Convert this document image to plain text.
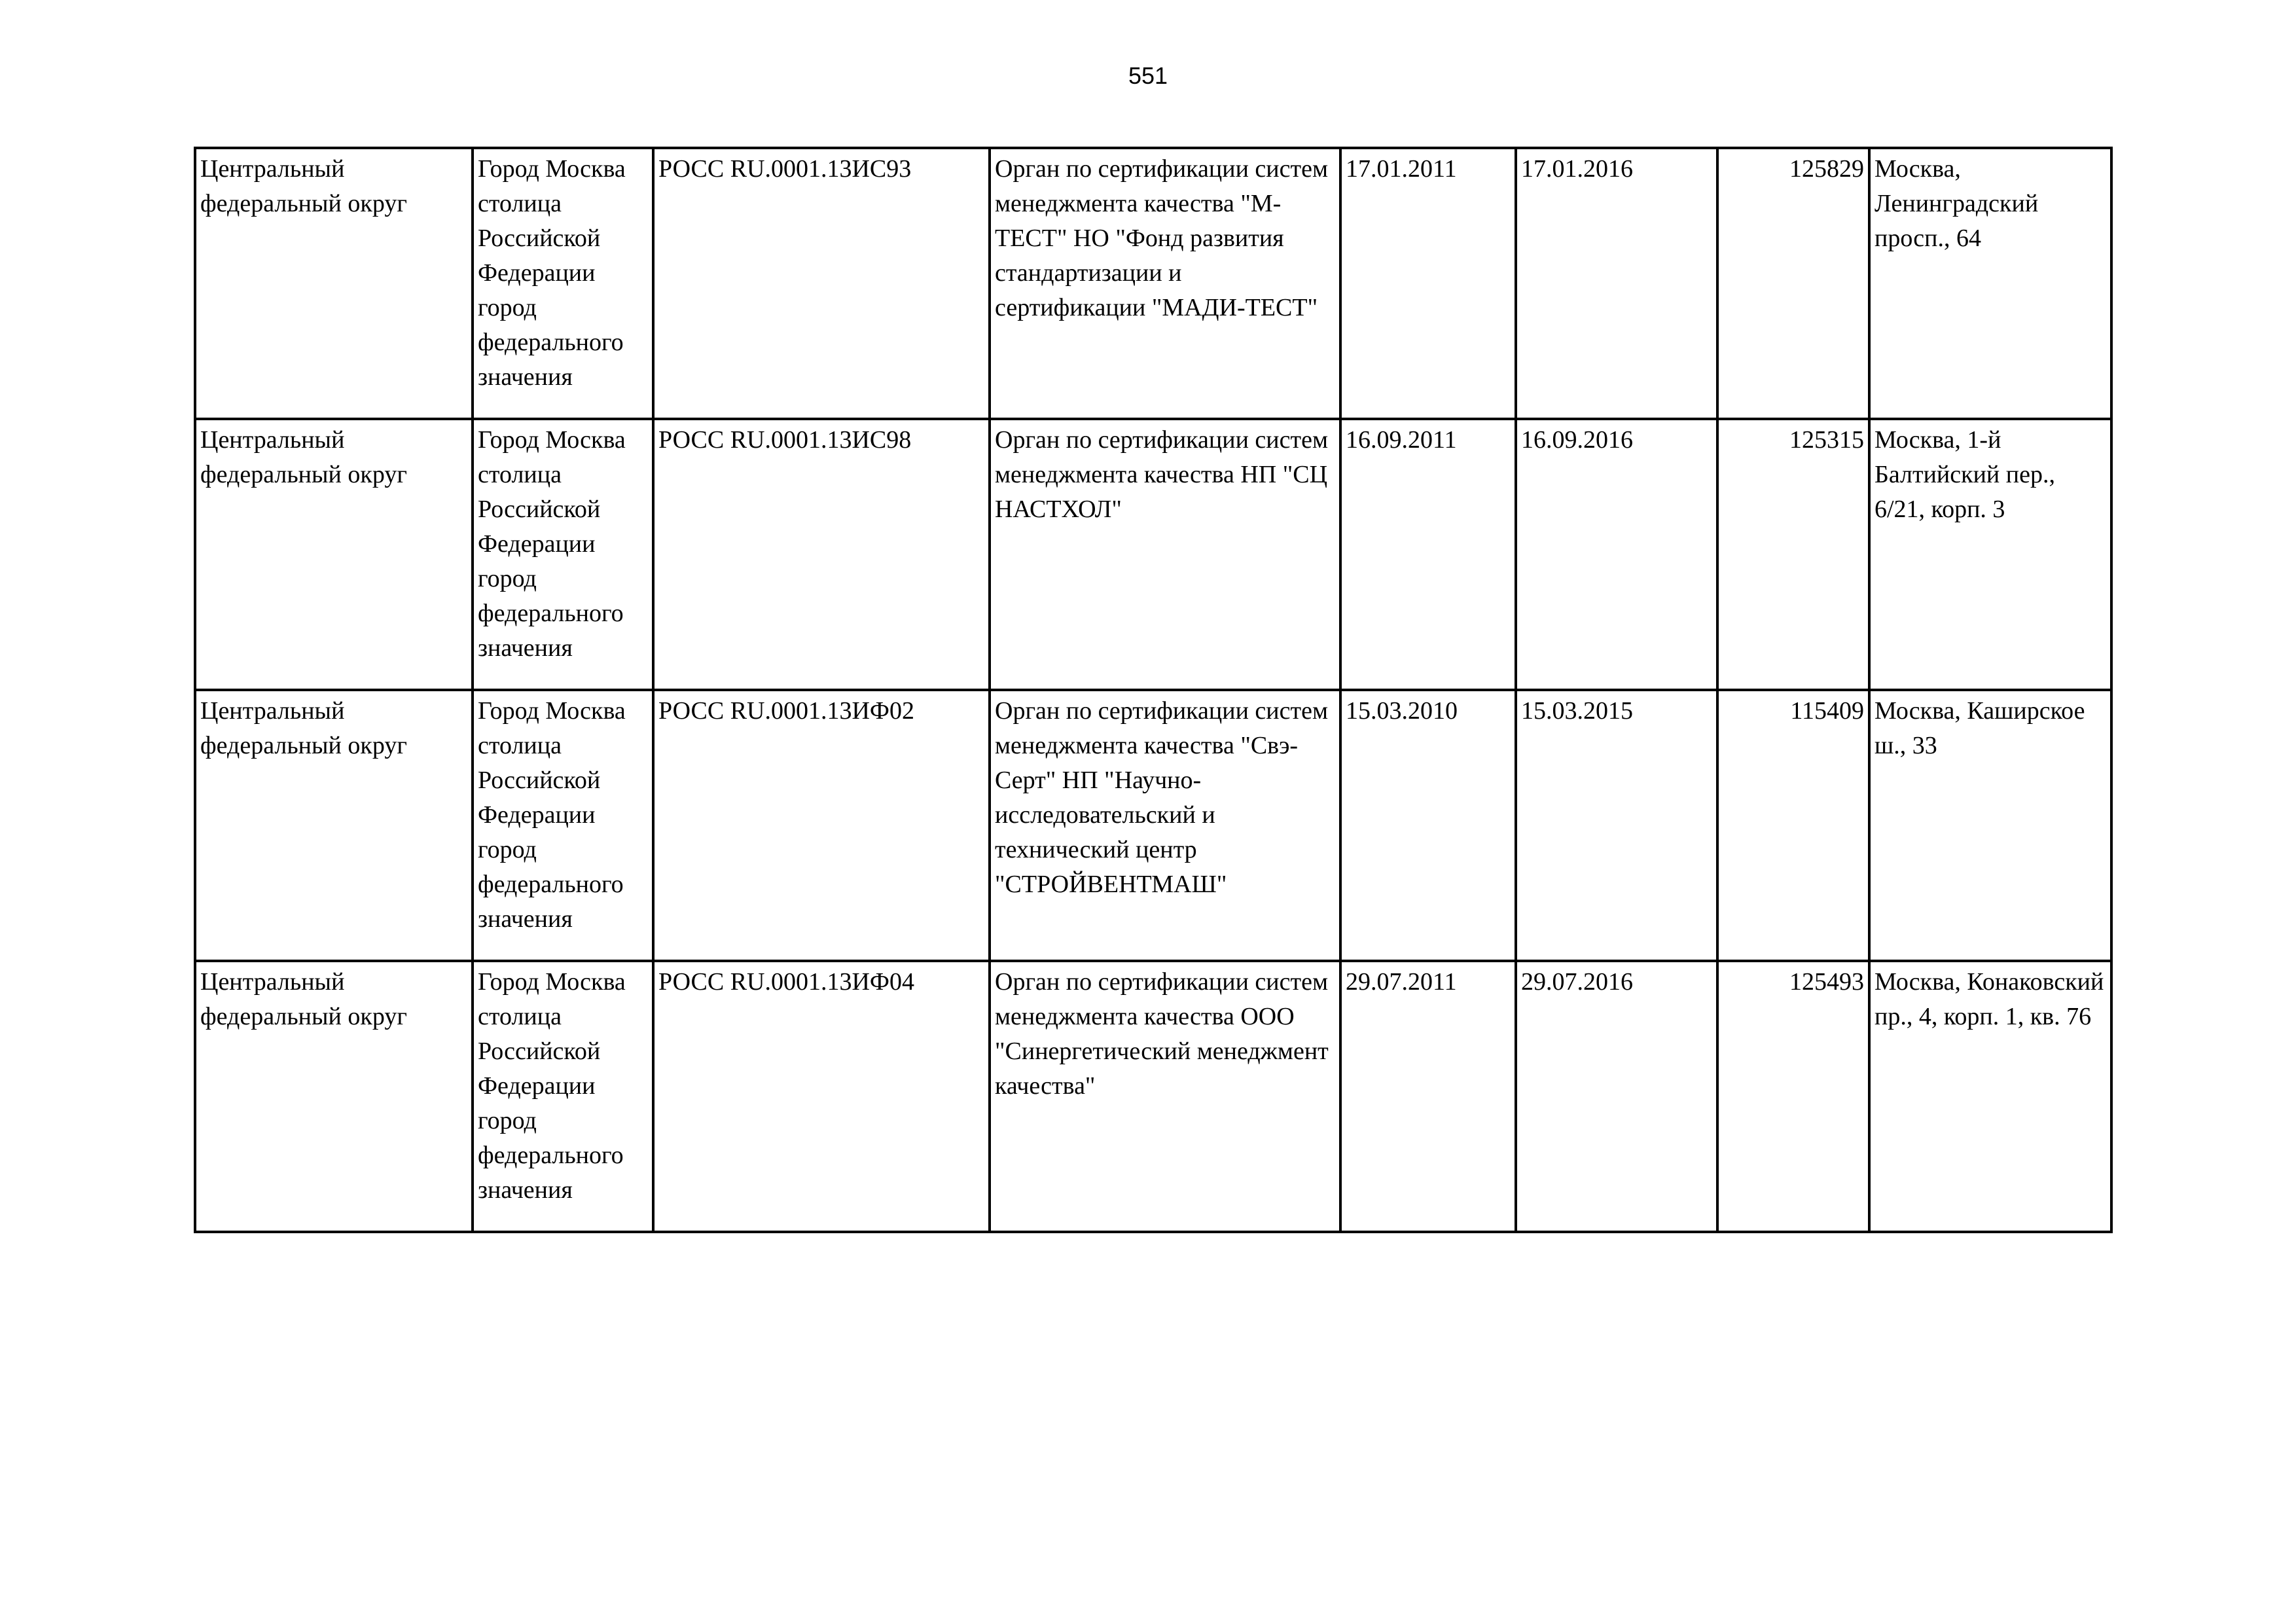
551
Центральный федеральный округ	Город Москва столица Российской Федерации город федерального значения	РОСС RU.0001.13ИС93	Орган по сертификации систем менеджмента качества "М-ТЕСТ" НО "Фонд развития стандартизации и сертификации "МАДИ-ТЕСТ"	17.01.2011	17.01.2016	125829	Москва, Ленинградский просп., 64

Центральный федеральный округ	Город Москва столица Российской Федерации город федерального значения	РОСС RU.0001.13ИС98	Орган по сертификации систем менеджмента качества НП "СЦ НАСТХОЛ"	16.09.2011	16.09.2016	125315	Москва, 1-й Балтийский пер., 6/21, корп. 3

Центральный федеральный округ	Город Москва столица Российской Федерации город федерального значения	РОСС RU.0001.13ИФ02	Орган по сертификации систем менеджмента качества "Свэ-Серт" НП "Научно-исследовательский и технический центр "СТРОЙВЕНТМАШ"	15.03.2010	15.03.2015	115409	Москва, Каширское ш., 33

Центральный федеральный округ	Город Москва столица Российской Федерации город федерального значения	РОСС RU.0001.13ИФ04	Орган по сертификации систем менеджмента качества ООО "Синергетический менеджмент качества"	29.07.2011	29.07.2016	125493	Москва, Конаковский пр., 4, корп. 1, кв. 76
